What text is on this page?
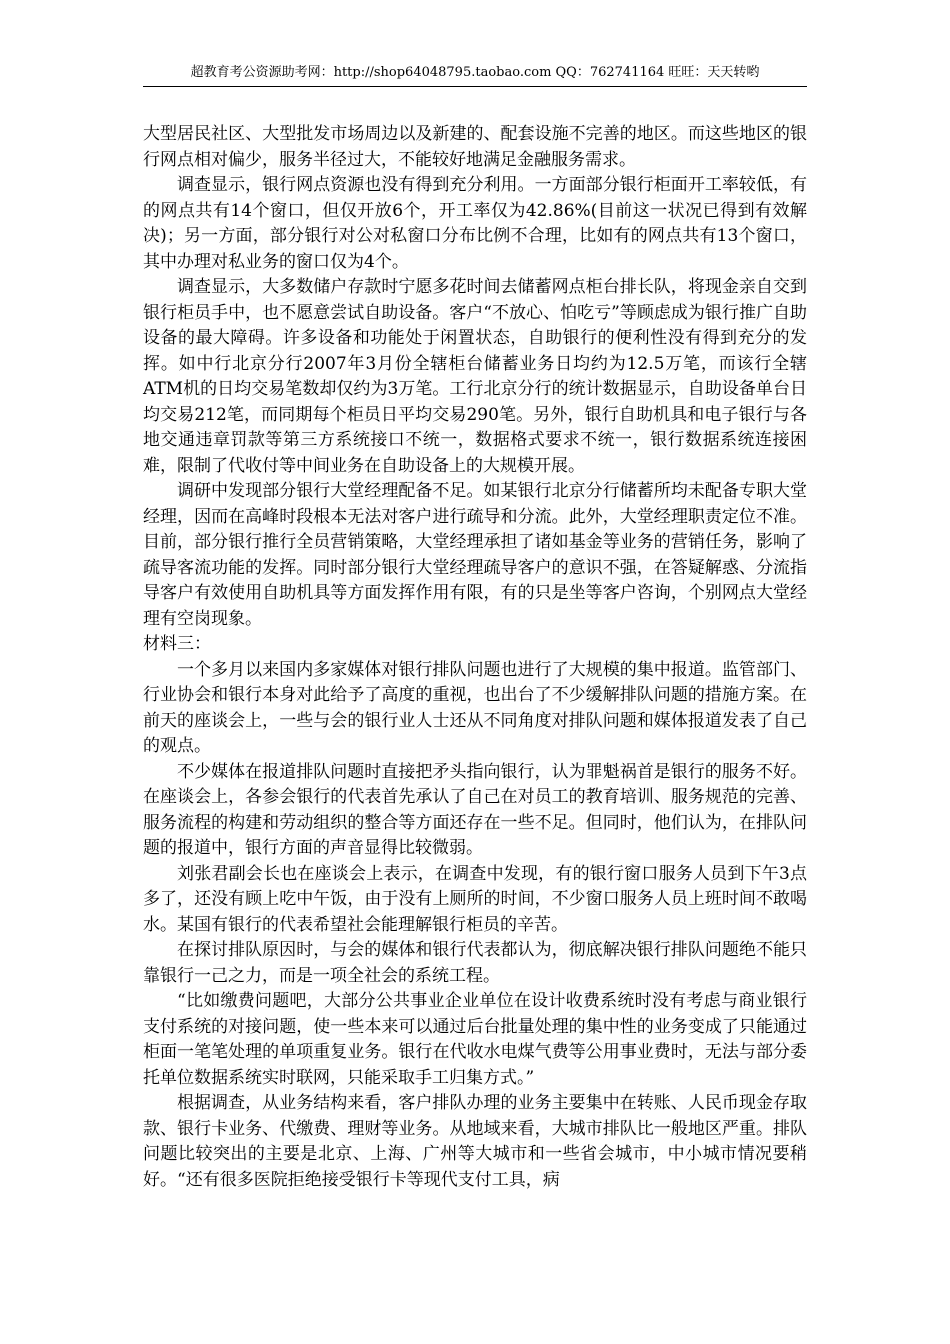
超教育考公资源助考网：http://shop64048795.taobao.com QQ：762741164 旺旺：天天转哟

大型居民社区、大型批发市场周边以及新建的、配套设施不完善的地区。而这些地区的银行网点相对偏少，服务半径过大，不能较好地满足金融服务需求。

调查显示，银行网点资源也没有得到充分利用。一方面部分银行柜面开工率较低，有的网点共有14个窗口，但仅开放6个，开工率仅为42.86%(目前这一状况已得到有效解决)；另一方面，部分银行对公对私窗口分布比例不合理，比如有的网点共有13个窗口，其中办理对私业务的窗口仅为4个。

调查显示，大多数储户存款时宁愿多花时间去储蓄网点柜台排长队，将现金亲自交到银行柜员手中，也不愿意尝试自助设备。客户“不放心、怕吃亏”等顾虑成为银行推广自助设备的最大障碍。许多设备和功能处于闲置状态，自助银行的便利性没有得到充分的发挥。如中行北京分行2007年3月份全辖柜台储蓄业务日均约为12.5万笔，而该行全辖ATM机的日均交易笔数却仅约为3万笔。工行北京分行的统计数据显示，自助设备单台日均交易212笔，而同期每个柜员日平均交易290笔。另外，银行自助机具和电子银行与各地交通违章罚款等第三方系统接口不统一，数据格式要求不统一，银行数据系统连接困难，限制了代收付等中间业务在自助设备上的大规模开展。

调研中发现部分银行大堂经理配备不足。如某银行北京分行储蓄所均未配备专职大堂经理，因而在高峰时段根本无法对客户进行疏导和分流。此外，大堂经理职责定位不准。目前，部分银行推行全员营销策略，大堂经理承担了诸如基金等业务的营销任务，影响了疏导客流功能的发挥。同时部分银行大堂经理疏导客户的意识不强，在答疑解惑、分流指导客户有效使用自助机具等方面发挥作用有限，有的只是坐等客户咨询，个别网点大堂经理有空岗现象。

材料三：

一个多月以来国内多家媒体对银行排队问题也进行了大规模的集中报道。监管部门、行业协会和银行本身对此给予了高度的重视，也出台了不少缓解排队问题的措施方案。在前天的座谈会上，一些与会的银行业人士还从不同角度对排队问题和媒体报道发表了自己的观点。

不少媒体在报道排队问题时直接把矛头指向银行，认为罪魁祸首是银行的服务不好。在座谈会上，各参会银行的代表首先承认了自己在对员工的教育培训、服务规范的完善、服务流程的构建和劳动组织的整合等方面还存在一些不足。但同时，他们认为，在排队问题的报道中，银行方面的声音显得比较微弱。

刘张君副会长也在座谈会上表示，在调查中发现，有的银行窗口服务人员到下午3点多了，还没有顾上吃中午饭，由于没有上厕所的时间，不少窗口服务人员上班时间不敢喝水。某国有银行的代表希望社会能理解银行柜员的辛苦。

在探讨排队原因时，与会的媒体和银行代表都认为，彻底解决银行排队问题绝不能只靠银行一己之力，而是一项全社会的系统工程。

“比如缴费问题吧，大部分公共事业企业单位在设计收费系统时没有考虑与商业银行支付系统的对接问题，使一些本来可以通过后台批量处理的集中性的业务变成了只能通过柜面一笔笔处理的单项重复业务。银行在代收水电煤气费等公用事业费时，无法与部分委托单位数据系统实时联网，只能采取手工归集方式。”

根据调查，从业务结构来看，客户排队办理的业务主要集中在转账、人民币现金存取款、银行卡业务、代缴费、理财等业务。从地域来看，大城市排队比一般地区严重。排队问题比较突出的主要是北京、上海、广州等大城市和一些省会城市，中小城市情况要稍好。“还有很多医院拒绝接受银行卡等现代支付工具，病
